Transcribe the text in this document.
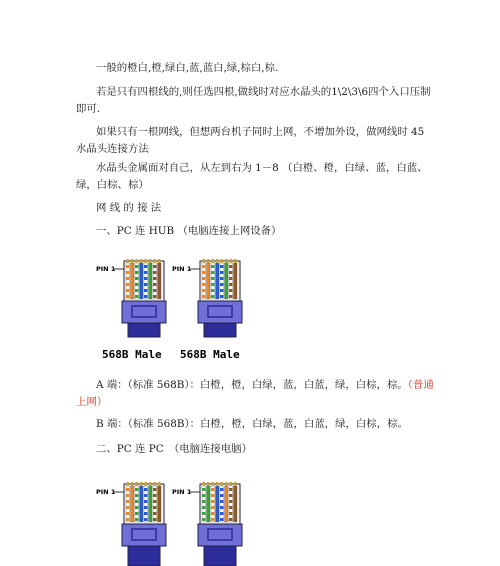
一般的橙白,橙,绿白,蓝,蓝白,绿,棕白,棕.

若是只有四根线的,则任选四根,做线时对应水晶头的1\2\3\6四个入口压制即可.

如果只有一根网线，但想两台机子同时上网，不增加外设，做网线时 45 水晶头连接方法

水晶头金属面对自己，从左到右为 1－8 （白橙、橙，白绿、蓝，白蓝、绿，白棕、棕）

网 线 的 接 法

一、PC 连 HUB （电脑连接上网设备）

PIN 1
568B Male
PIN 1
568B Male

A 端：（标准 568B）：白橙，橙，白绿，蓝，白蓝，绿，白棕，棕。（普通上网）

B 端：（标准 568B）：白橙，橙，白绿，蓝，白蓝，绿，白棕，棕。

二、PC 连 PC　（电脑连接电脑）

PIN 1	PIN 1
